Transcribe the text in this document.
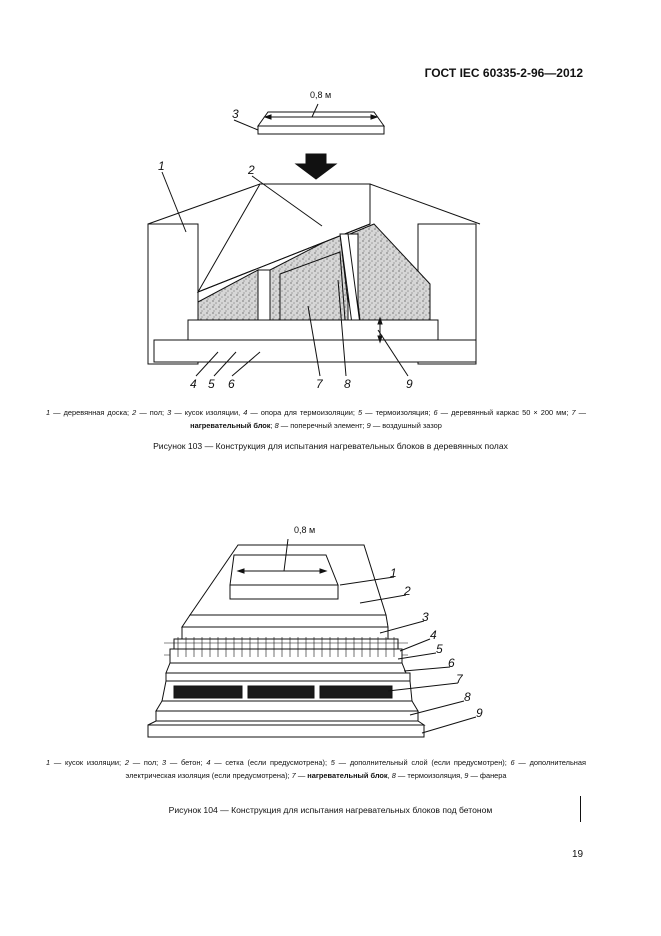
ГОСТ IEC 60335-2-96—2012
0,8 м
1	2
3
4 5 6	7 8	9
1 — деревянная доска; 2 — пол; 3 — кусок изоляции, 4 — опора для термоизоляции; 5 — термоизоляция; 6 — деревянный каркас 50 × 200 мм; 7 — нагревательный блок; 8 — поперечный элемент; 9 — воздушный зазор
Рисунок 103 — Конструкция для испытания нагревательных блоков в деревянных полах
0,8 м
1
2
3
4
5
6
7
8
9
1 — кусок изоляции; 2 — пол; 3 — бетон; 4 — сетка (если предусмотрена); 5 — дополнительный слой (если предусмотрен); 6 — дополнительная электрическая изоляция (если предусмотрена); 7 — нагревательный блок, 8 — термоизоляция, 9 — фанера
Рисунок 104 — Конструкция для испытания нагревательных блоков под бетоном
19
